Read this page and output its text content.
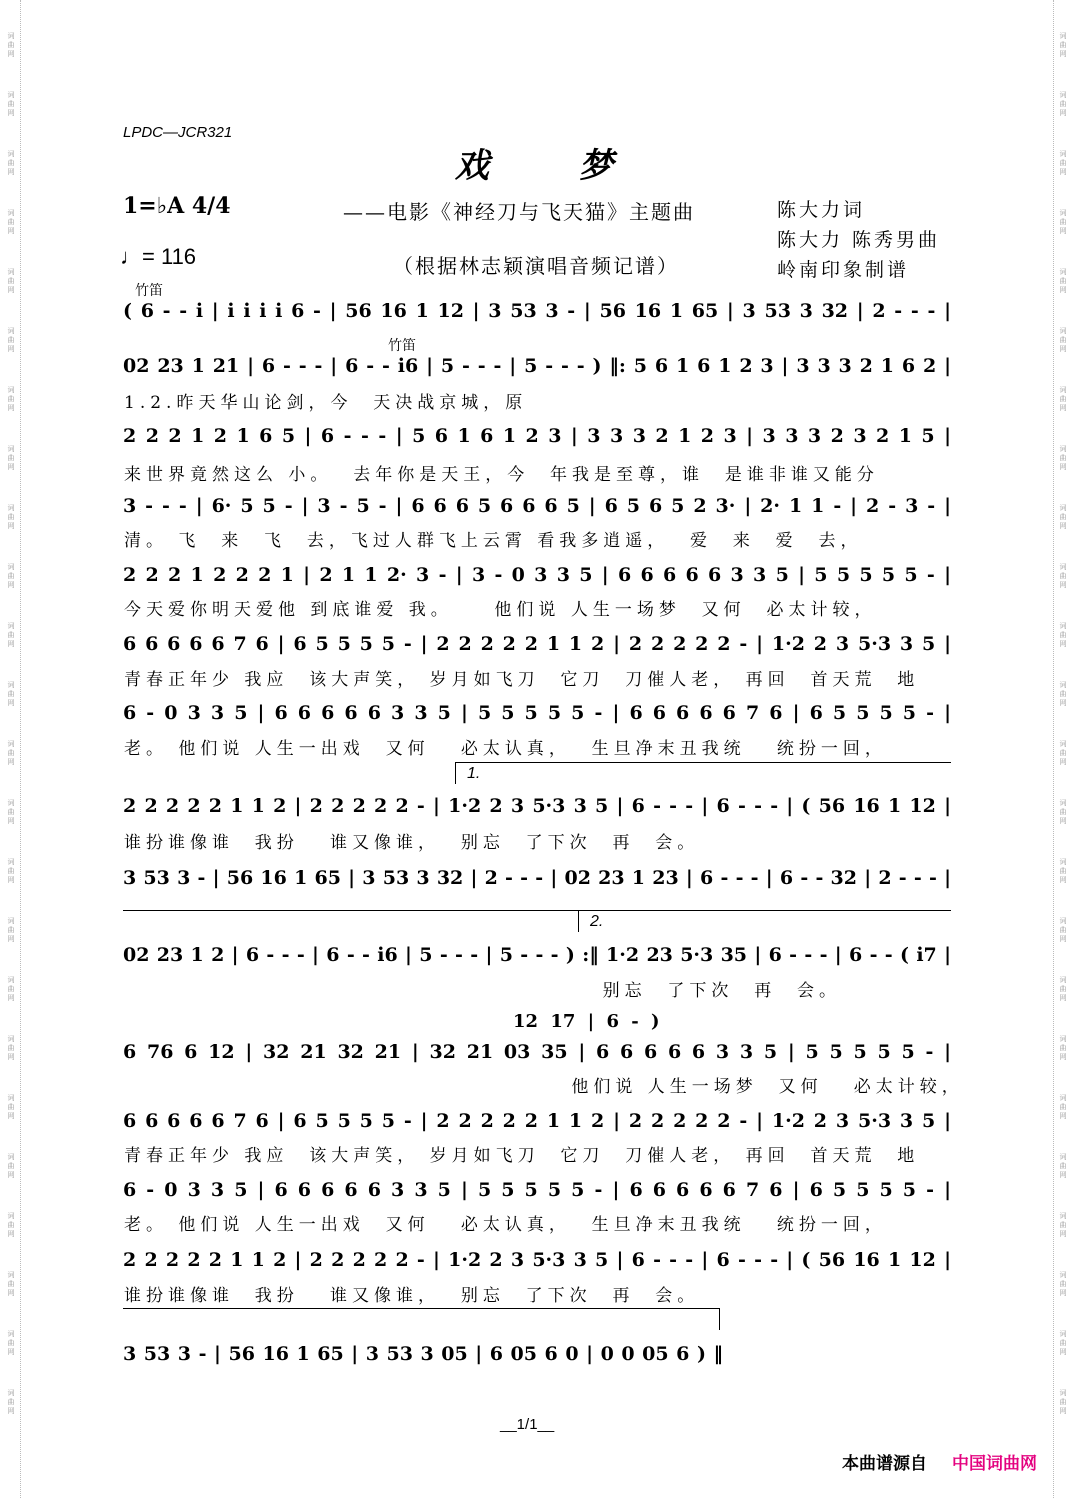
词曲网
词曲网
词曲网
词曲网
词曲网
词曲网
词曲网
词曲网
词曲网
词曲网
词曲网
词曲网
词曲网
词曲网
词曲网
词曲网
词曲网
词曲网
词曲网
词曲网
词曲网
词曲网
词曲网
词曲网
词曲网
词曲网
词曲网
词曲网
词曲网
词曲网
词曲网
词曲网
词曲网
词曲网
词曲网
词曲网
词曲网
词曲网
词曲网
词曲网
词曲网
词曲网
词曲网
词曲网
词曲网
词曲网
词曲网
词曲网
LPDC—JCR321
戏梦
1=♭A 4/4
♩= 116
——电影《神经刀与飞天猫》主题曲
（根据林志颖演唱音频记谱）
陈大力词
陈大力 陈秀男曲
岭南印象制谱
竹笛
( 6 - - i | i i i i 6 - | 56 16 1 12 | 3 53 3 - | 56 16 1 65 | 3 53 3 32 | 2 - - - |
竹笛
02 23 1 21 | 6 - - - | 6 - - i6 | 5 - - - | 5 - - - ) ‖: 5 6 1 6 1 2 3 | 3 3 3 2 1 6 2 |
1.2.昨天华山论剑，今  天决战京城，原
2 2 2 1 2 1 6 5 | 6 - - - | 5 6 1 6 1 2 3 | 3 3 3 2 1 2 3 | 3 3 3 2 3 2 1 5 |
来世界竟然这么 小。  去年你是天王，今  年我是至尊，谁  是谁非谁又能分
3 - - - | 6· 5 5 - | 3 - 5 - | 6 6 6 5 6 6 6 5 | 6 5 6 5 2 3· | 2· 1 1 - | 2 - 3 - |
清。 飞  来  飞  去，飞过人群飞上云霄 看我多逍遥，  爱  来  爱  去，
2 2 2 1 2 2 2 1 | 2 1 1 2· 3 - | 3 - 0 3 3 5 | 6 6 6 6 6 3 3 5 | 5 5 5 5 5 - |
今天爱你明天爱他 到底谁爱 我。    他们说 人生一场梦  又何  必太计较，
6 6 6 6 6 7 6 | 6 5 5 5 5 - | 2 2 2 2 2 1 1 2 | 2 2 2 2 2 - | 1·2 2 3 5·3 3 5 |
青春正年少 我应  该大声笑， 岁月如飞刀  它刀  刀催人老， 再回  首天荒  地
6 - 0 3 3 5 | 6 6 6 6 6 3 3 5 | 5 5 5 5 5 - | 6 6 6 6 6 7 6 | 6 5 5 5 5 - |
老。 他们说 人生一出戏  又何   必太认真，  生旦净末丑我统   统扮一回，
1.
2 2 2 2 2 1 1 2 | 2 2 2 2 2 - | 1·2 2 3 5·3 3 5 | 6 - - - | 6 - - - | ( 56 16 1 12 |
谁扮谁像谁  我扮   谁又像谁，  别忘  了下次  再  会。
3 53 3 - | 56 16 1 65 | 3 53 3 32 | 2 - - - | 02 23 1 23 | 6 - - - | 6 - - 32 | 2 - - - |
2.
02 23 1 2 | 6 - - - | 6 - - i6 | 5 - - - | 5 - - - ) :‖ 1·2 23 5·3 35 | 6 - - - | 6 - - ( i7 |
别忘  了下次  再  会。
12 17 | 6 - )
6 76 6 12 | 32 21 32 21 | 32 21 03 35 | 6 6 6 6 6 3 3 5 | 5 5 5 5 5 - |
他们说 人生一场梦  又何   必太计较，
6 6 6 6 6 7 6 | 6 5 5 5 5 - | 2 2 2 2 2 1 1 2 | 2 2 2 2 2 - | 1·2 2 3 5·3 3 5 |
青春正年少 我应  该大声笑， 岁月如飞刀  它刀  刀催人老， 再回  首天荒  地
6 - 0 3 3 5 | 6 6 6 6 6 3 3 5 | 5 5 5 5 5 - | 6 6 6 6 6 7 6 | 6 5 5 5 5 - |
老。 他们说 人生一出戏  又何   必太认真，  生旦净末丑我统   统扮一回，
2 2 2 2 2 1 1 2 | 2 2 2 2 2 - | 1·2 2 3 5·3 3 5 | 6 - - - | 6 - - - | ( 56 16 1 12 |
谁扮谁像谁  我扮   谁又像谁，  别忘  了下次  再  会。
3 53 3 - | 56 16 1 65 | 3 53 3 05 | 6 05 6 0 | 0 0 05 6 ) ‖
__1/1__
本曲谱源自 中国词曲网
